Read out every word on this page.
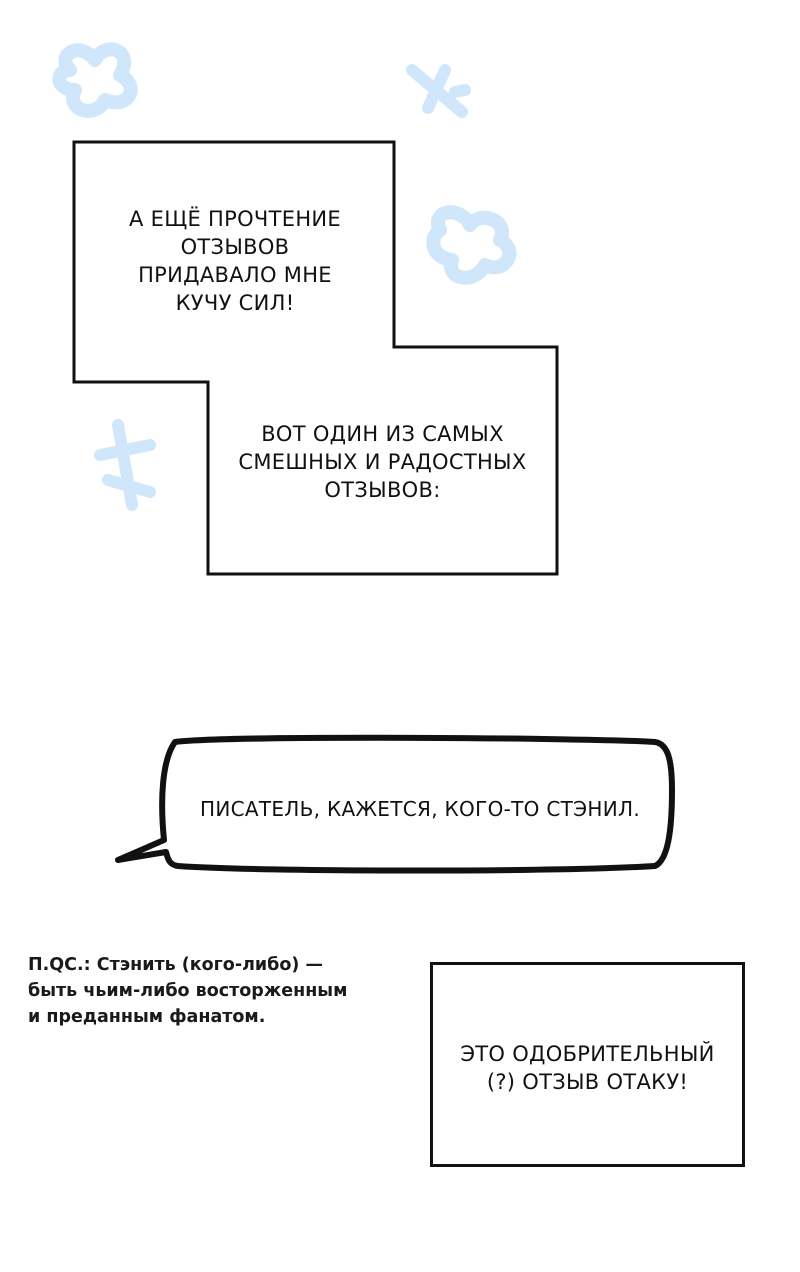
А ЕЩЁ ПРОЧТЕНИЕ
ОТЗЫВОВ
ПРИДАВАЛО МНЕ
КУЧУ СИЛ!
ВОТ ОДИН ИЗ САМЫХ
СМЕШНЫХ И РАДОСТНЫХ
ОТЗЫВОВ:
ПИСАТЕЛЬ, КАЖЕТСЯ, КОГО-ТО СТЭНИЛ.
П.QC.: Стэнить (кого-либо) —
быть чьим-либо восторженным
и преданным фанатом.
ЭТО ОДОБРИТЕЛЬНЫЙ
(?) ОТЗЫВ ОТАКУ!
